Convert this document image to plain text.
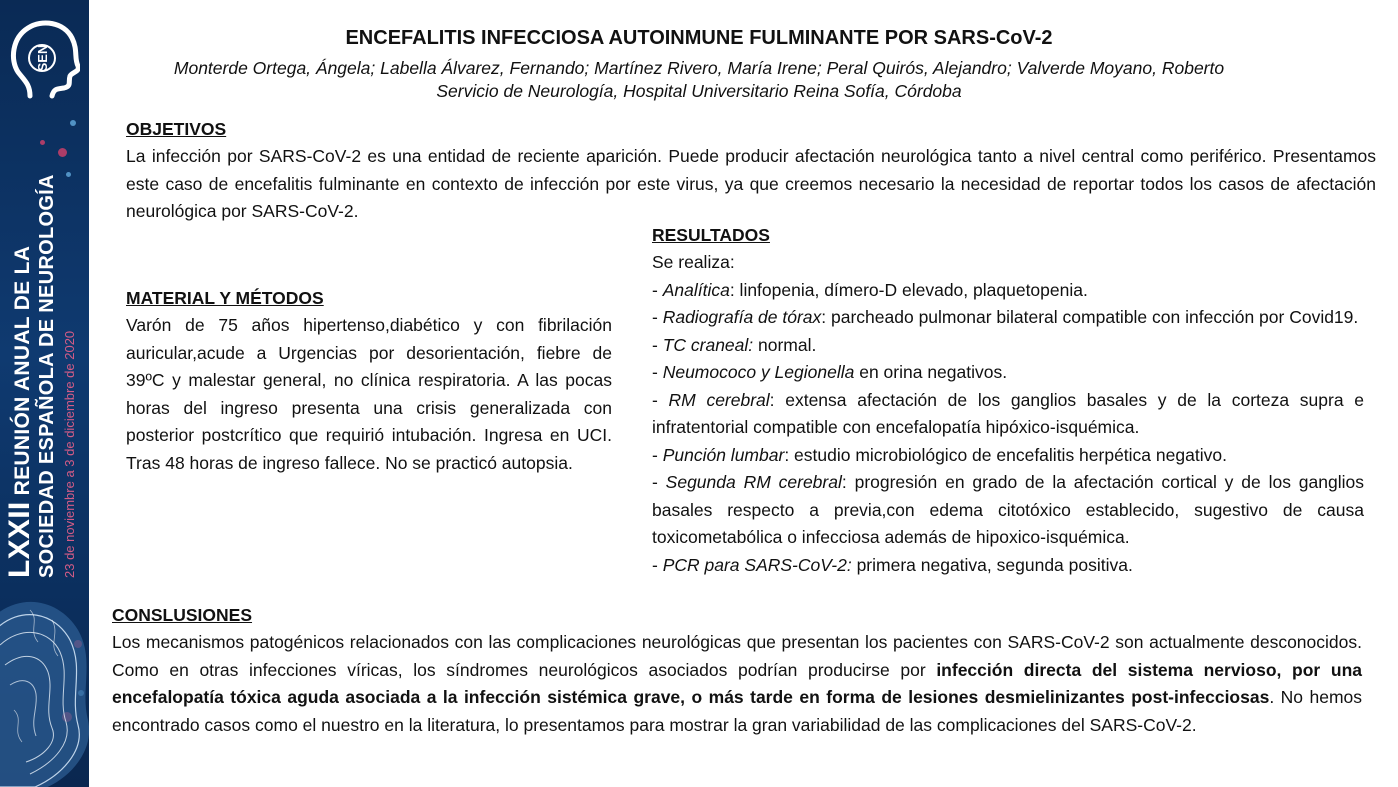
SEN
LXXII REUNIÓN ANUAL DE LA SOCIEDAD ESPAÑOLA DE NEUROLOGÍA 23 de noviembre a 3 de diciembre de 2020
ENCEFALITIS INFECCIOSA AUTOINMUNE FULMINANTE POR SARS-CoV-2
Monterde Ortega, Ángela; Labella Álvarez, Fernando; Martínez Rivero, María Irene; Peral Quirós, Alejandro; Valverde Moyano, Roberto
Servicio de Neurología, Hospital Universitario Reina Sofía, Córdoba
OBJETIVOS
La infección por SARS-CoV-2 es una entidad de reciente aparición. Puede producir afectación neurológica tanto a nivel central como periférico. Presentamos este caso de encefalitis fulminante en contexto de infección por este virus, ya que creemos necesario la necesidad de reportar todos los casos de afectación neurológica por SARS-CoV-2.
MATERIAL Y MÉTODOS
Varón de 75 años hipertenso,diabético y con fibrilación auricular,acude a Urgencias por desorientación, fiebre de 39ºC y malestar general, no clínica respiratoria. A las pocas horas del ingreso presenta una crisis generalizada con posterior postcrítico que requirió intubación. Ingresa en UCI. Tras 48 horas de ingreso fallece. No se practicó autopsia.
RESULTADOS
Se realiza:
- Analítica: linfopenia, dímero-D elevado, plaquetopenia.
- Radiografía de tórax: parcheado pulmonar bilateral compatible con infección por Covid19.
- TC craneal: normal.
- Neumococo y Legionella en orina negativos.
- RM cerebral: extensa afectación de los ganglios basales y de la corteza supra e infratentorial compatible con encefalopatía hipóxico-isquémica.
- Punción lumbar: estudio microbiológico de encefalitis herpética negativo.
- Segunda RM cerebral: progresión en grado de la afectación cortical y de los ganglios basales respecto a previa,con edema citotóxico establecido, sugestivo de causa toxicometabólica o infecciosa además de hipoxico-isquémica.
- PCR para SARS-CoV-2: primera negativa, segunda positiva.
CONSLUSIONES
Los mecanismos patogénicos relacionados con las complicaciones neurológicas que presentan los pacientes con SARS-CoV-2 son actualmente desconocidos. Como en otras infecciones víricas, los síndromes neurológicos asociados podrían producirse por infección directa del sistema nervioso, por una encefalopatía tóxica aguda asociada a la infección sistémica grave, o más tarde en forma de lesiones desmielinizantes post-infecciosas. No hemos encontrado casos como el nuestro en la literatura, lo presentamos para mostrar la gran variabilidad de las complicaciones del SARS-CoV-2.
